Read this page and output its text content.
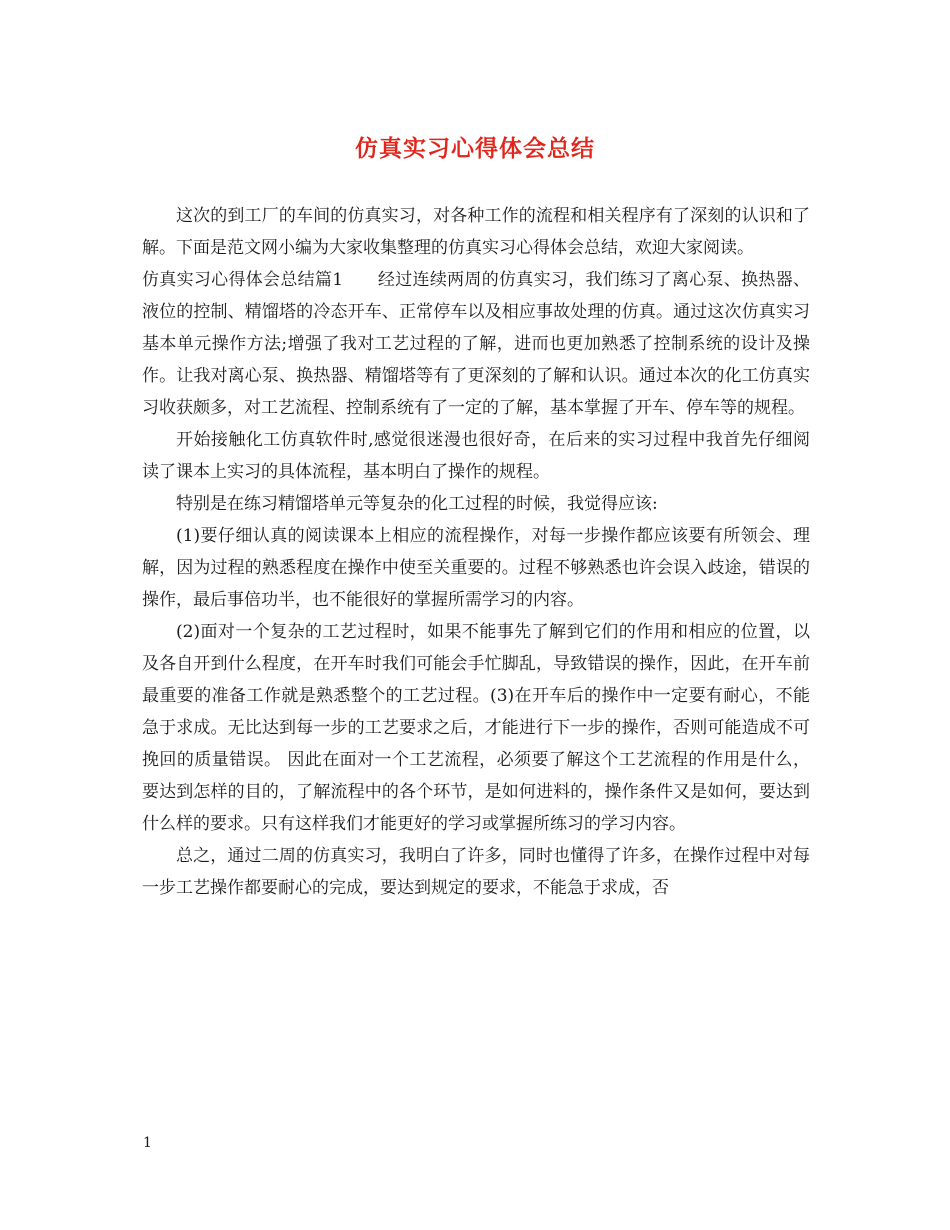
仿真实习心得体会总结

这次的到工厂的车间的仿真实习，对各种工作的流程和相关程序有了深刻的认识和了解。下面是范文网小编为大家收集整理的仿真实习心得体会总结，欢迎大家阅读。

仿真实习心得体会总结篇1　　经过连续两周的仿真实习，我们练习了离心泵、换热器、液位的控制、精馏塔的冷态开车、正常停车以及相应事故处理的仿真。通过这次仿真实习基本单元操作方法;增强了我对工艺过程的了解，进而也更加熟悉了控制系统的设计及操作。让我对离心泵、换热器、精馏塔等有了更深刻的了解和认识。通过本次的化工仿真实习收获颇多，对工艺流程、控制系统有了一定的了解，基本掌握了开车、停车等的规程。

开始接触化工仿真软件时,感觉很迷漫也很好奇，在后来的实习过程中我首先仔细阅读了课本上实习的具体流程，基本明白了操作的规程。

特别是在练习精馏塔单元等复杂的化工过程的时候，我觉得应该:

(1)要仔细认真的阅读课本上相应的流程操作，对每一步操作都应该要有所领会、理解，因为过程的熟悉程度在操作中使至关重要的。过程不够熟悉也许会误入歧途，错误的操作，最后事倍功半，也不能很好的掌握所需学习的内容。

(2)面对一个复杂的工艺过程时，如果不能事先了解到它们的作用和相应的位置，以及各自开到什么程度，在开车时我们可能会手忙脚乱，导致错误的操作，因此，在开车前最重要的准备工作就是熟悉整个的工艺过程。(3)在开车后的操作中一定要有耐心，不能急于求成。无比达到每一步的工艺要求之后，才能进行下一步的操作，否则可能造成不可挽回的质量错误。 因此在面对一个工艺流程，必须要了解这个工艺流程的作用是什么，要达到怎样的目的，了解流程中的各个环节，是如何进料的，操作条件又是如何，要达到什么样的要求。只有这样我们才能更好的学习或掌握所练习的学习内容。

总之，通过二周的仿真实习，我明白了许多，同时也懂得了许多，在操作过程中对每一步工艺操作都要耐心的完成，要达到规定的要求，不能急于求成，否

1
